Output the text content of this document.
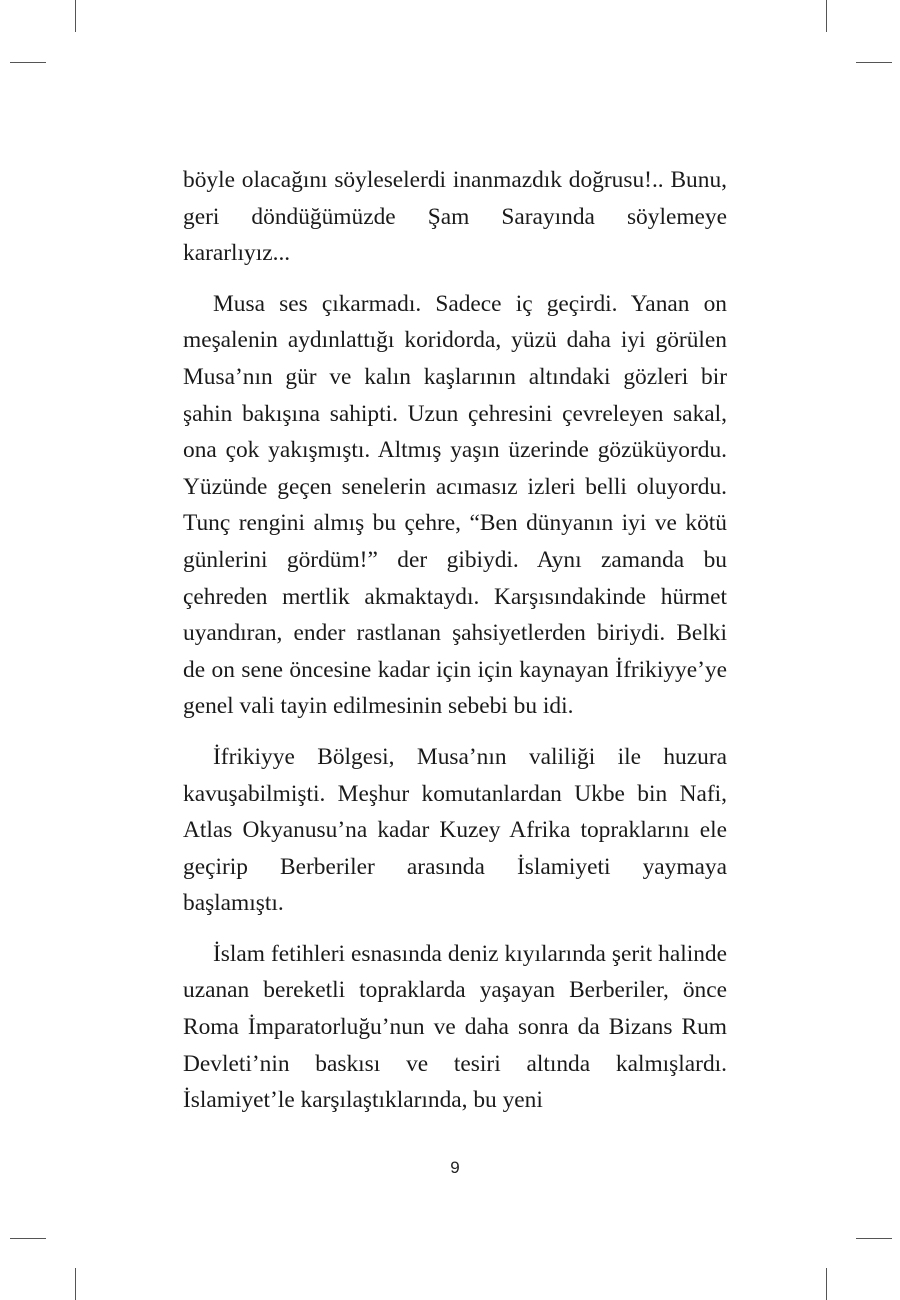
böyle olacağını söyleselerdi inanmazdık doğrusu!.. Bunu, geri döndüğümüzde Şam Sarayında söylemeye kararlıyız...

Musa ses çıkarmadı. Sadece iç geçirdi. Yanan on meşalenin aydınlattığı koridorda, yüzü daha iyi görülen Musa’nın gür ve kalın kaşlarının altındaki gözleri bir şahin bakışına sahipti. Uzun çehresini çevreleyen sakal, ona çok yakışmıştı. Altmış yaşın üzerinde gözüküyordu. Yüzünde geçen senelerin acımasız izleri belli oluyordu. Tunç rengini almış bu çehre, “Ben dünyanın iyi ve kötü günlerini gördüm!” der gibiydi. Aynı zamanda bu çehreden mertlik akmaktaydı. Karşısındakinde hürmet uyandıran, ender rastlanan şahsiyetlerden biriydi. Belki de on sene öncesine kadar için için kaynayan İfrikiyye’ye genel vali tayin edilmesinin sebebi bu idi.

İfrikiyye Bölgesi, Musa’nın valiliği ile huzura kavuşabilmişti. Meşhur komutanlardan Ukbe bin Nafi, Atlas Okyanusu’na kadar Kuzey Afrika topraklarını ele geçirip Berberiler arasında İslamiyeti yaymaya başlamıştı.

İslam fetihleri esnasında deniz kıyılarında şerit halinde uzanan bereketli topraklarda yaşayan Berberiler, önce Roma İmparatorluğu’nun ve daha sonra da Bizans Rum Devleti’nin baskısı ve tesiri altında kalmışlardı. İslamiyet’le karşılaştıklarında, bu yeni

9
